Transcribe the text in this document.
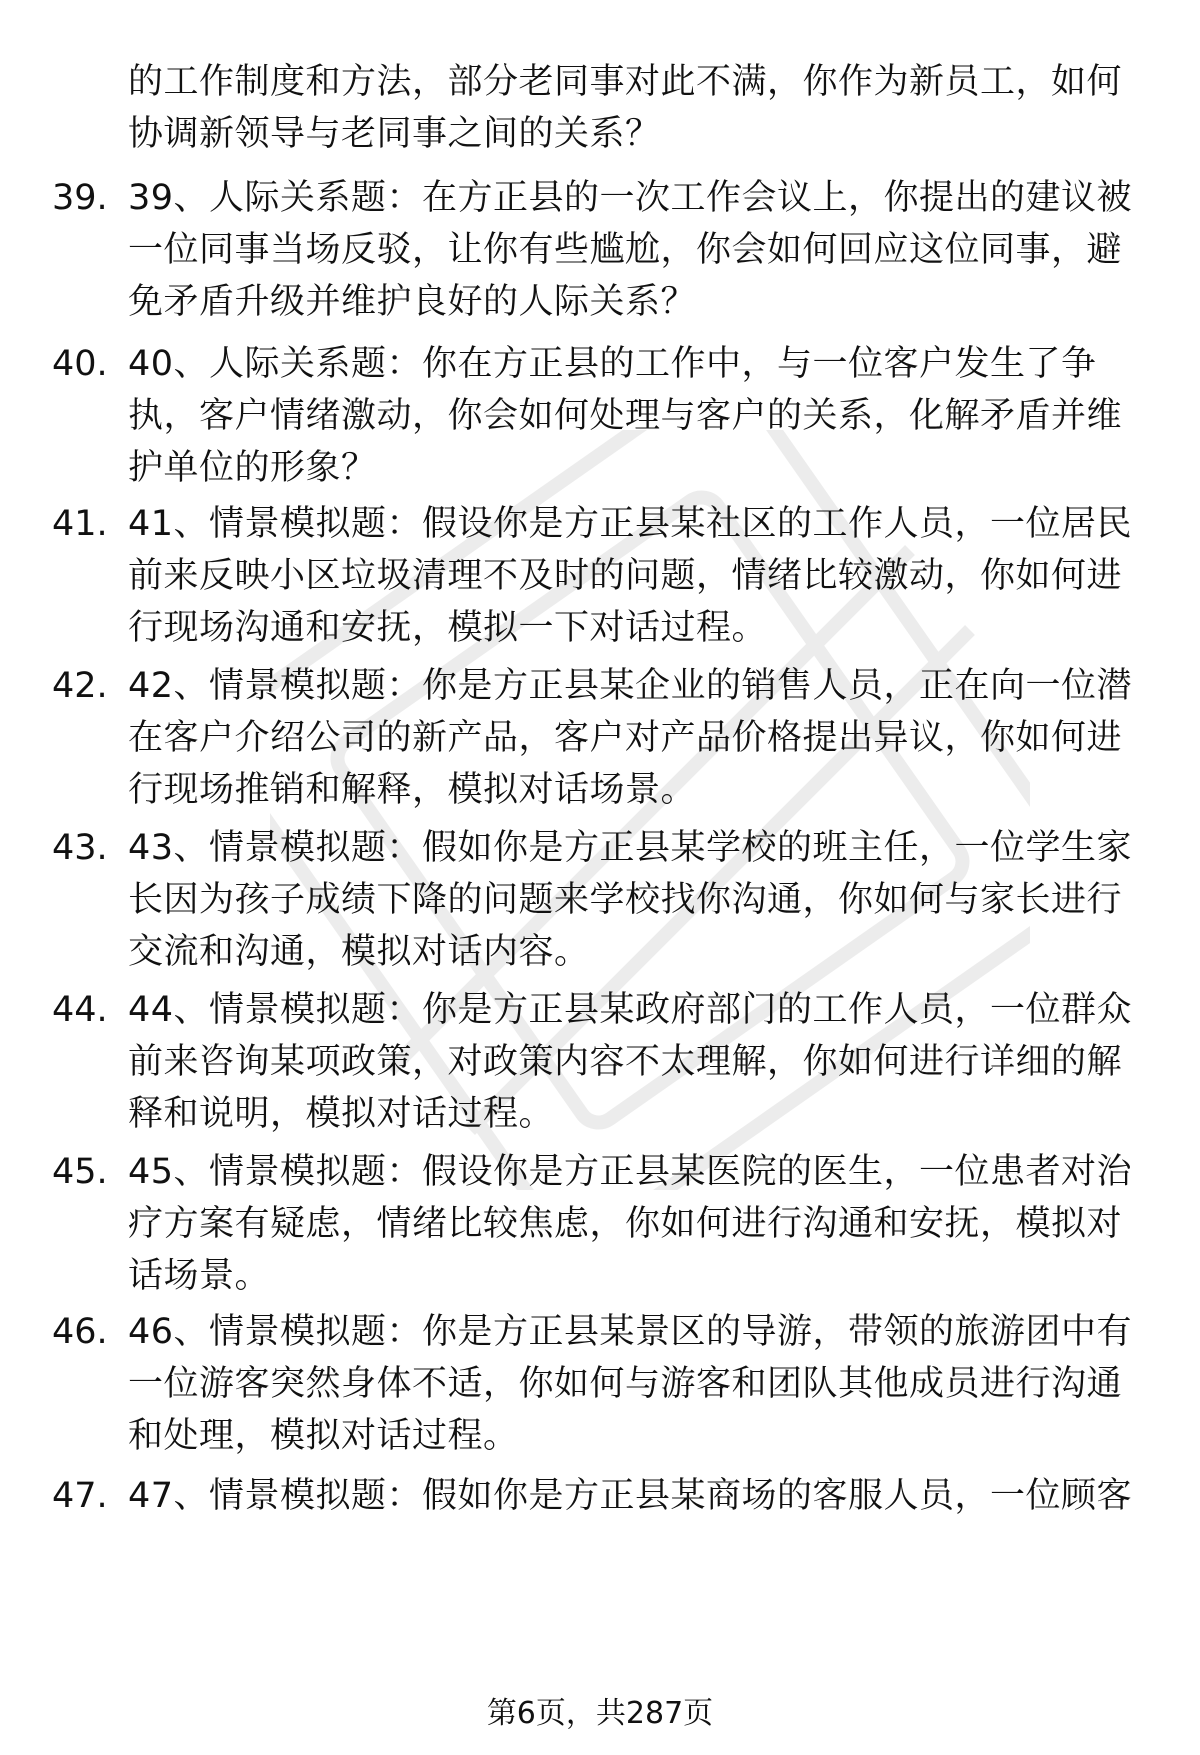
的工作制度和方法，部分老同事对此不满，你作为新员工，如何协调新领导与老同事之间的关系？

39. 39、人际关系题：在方正县的一次工作会议上，你提出的建议被一位同事当场反驳，让你有些尴尬，你会如何回应这位同事，避免矛盾升级并维护良好的人际关系？

40. 40、人际关系题：你在方正县的工作中，与一位客户发生了争执，客户情绪激动，你会如何处理与客户的关系，化解矛盾并维护单位的形象？

41. 41、情景模拟题：假设你是方正县某社区的工作人员，一位居民前来反映小区垃圾清理不及时的问题，情绪比较激动，你如何进行现场沟通和安抚，模拟一下对话过程。

42. 42、情景模拟题：你是方正县某企业的销售人员，正在向一位潜在客户介绍公司的新产品，客户对产品价格提出异议，你如何进行现场推销和解释，模拟对话场景。

43. 43、情景模拟题：假如你是方正县某学校的班主任，一位学生家长因为孩子成绩下降的问题来学校找你沟通，你如何与家长进行交流和沟通，模拟对话内容。

44. 44、情景模拟题：你是方正县某政府部门的工作人员，一位群众前来咨询某项政策，对政策内容不太理解，你如何进行详细的解释和说明，模拟对话过程。

45. 45、情景模拟题：假设你是方正县某医院的医生，一位患者对治疗方案有疑虑，情绪比较焦虑，你如何进行沟通和安抚，模拟对话场景。

46. 46、情景模拟题：你是方正县某景区的导游，带领的旅游团中有一位游客突然身体不适，你如何与游客和团队其他成员进行沟通和处理，模拟对话过程。

47. 47、情景模拟题：假如你是方正县某商场的客服人员，一位顾客

第6页，共287页
